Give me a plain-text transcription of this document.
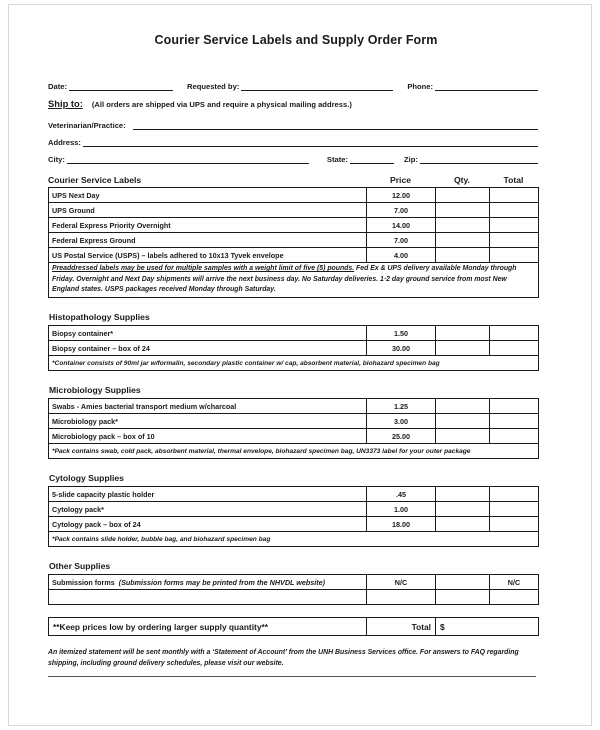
Courier Service Labels and Supply Order Form
Date:	Requested by:	Phone:
Ship to:	(All orders are shipped via UPS and require a physical mailing address.)
Veterinarian/Practice:
Address:
City:	State:	Zip:
Courier Service Labels	Price	Qty.	Total
UPS Next Day	12.00		
UPS Ground	7.00		
Federal Express Priority Overnight	14.00		
Federal Express Ground	7.00		
US Postal Service (USPS) – labels adhered to 10x13 Tyvek envelope	4.00		
Preaddressed labels may be used for multiple samples with a weight limit of five (5) pounds. Fed Ex & UPS delivery available Monday through Friday. Overnight and Next Day shipments will arrive the next business day. No Saturday deliveries. 1·2 day ground service from most New England states. USPS packages received Monday through Saturday.			
Histopathology Supplies
Biopsy container*	1.50		
Biopsy container – box of 24	30.00		
*Container consists of 90ml jar w/formalin, secondary plastic container w/ cap, absorbent material, biohazard specimen bag			
Microbiology Supplies
Swabs - Amies bacterial transport medium w/charcoal	1.25		
Microbiology pack*	3.00		
Microbiology pack – box of 10	25.00		
*Pack contains swab, cold pack, absorbent material, thermal envelope, biohazard specimen bag, UN3373 label for your outer package			
Cytology Supplies
5-slide capacity plastic holder	.45		
Cytology pack*	1.00		
Cytology pack – box of 24	18.00		
*Pack contains slide holder, bubble bag, and biohazard specimen bag			
Other Supplies
Submission forms (Submission forms may be printed from the NHVDL website)	N/C		N/C

**Keep prices low by ordering larger supply quantity**	Total	$
An itemized statement will be sent monthly with a ‘Statement of Account’ from the UNH Business Services office. For answers to FAQ regarding shipping, including ground delivery schedules, please visit our website.
